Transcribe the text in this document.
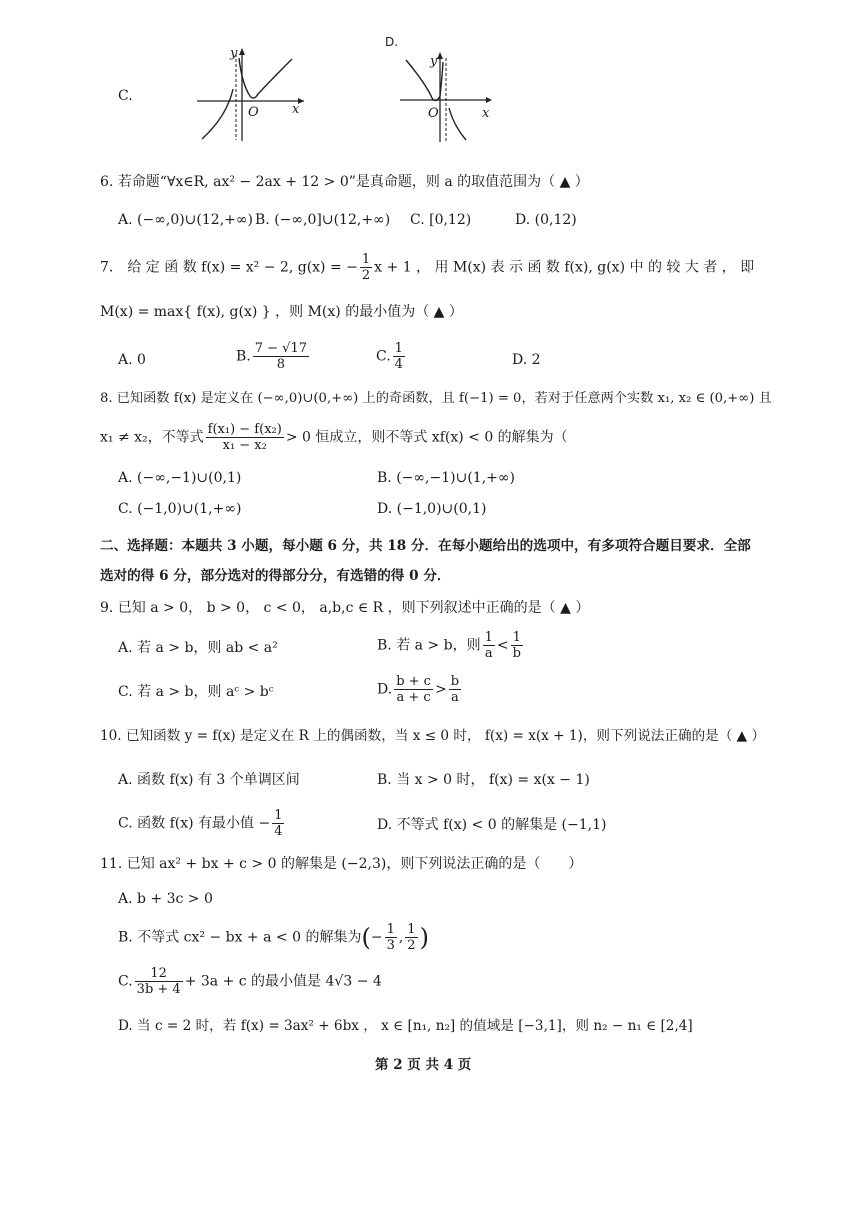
C.
y
x
O
D.
y
x
O
6. 若命题“∀x∈R, ax² − 2ax + 12 > 0”是真命题，则 a 的取值范围为（ ▲ ）
A. (−∞,0)∪(12,+∞) B. (−∞,0]∪(12,+∞) C. [0,12)	D. (0,12)
7． 给 定 函 数 f(x) = x² − 2, g(x) = − $\frac{1}{2}$ x + 1 ， 用 M(x) 表 示 函 数 f(x), g(x) 中 的 较 大 者 ， 即
M(x) = max{ f(x), g(x) } ，则 M(x) 的最小值为（ ▲ ）
A. 0	B. $\frac{7 - √17}{8}$	C. $\frac{1}{4}$	D. 2
8. 已知函数 f(x) 是定义在 (−∞,0)∪(0,+∞) 上的奇函数，且 f(−1) = 0，若对于任意两个实数 x₁, x₂ ∈ (0,+∞) 且
x₁ ≠ x₂，不等式 $\frac{\text{f(x₁) − f(x₂)}}{\text{x₁ − x₂}} > 0$ 恒成立，则不等式 xf(x) < 0 的解集为（
A. (−∞,−1)∪(0,1)	B. (−∞,−1)∪(1,+∞)
C. (−1,0)∪(1,+∞)	D. (−1,0)∪(0,1)
二、选择题：本题共 3 小题，每小题 6 分，共 18 分．在每小题给出的选项中，有多项符合题目要求．全部
选对的得 6 分，部分选对的得部分分，有选错的得 0 分．
9. 已知 a > 0， b > 0， c < 0， a,b,c ∈ R ，则下列叙述中正确的是（ ▲ ）
A. 若 a > b，则 ab < a²	B. 若 a > b，则 $\frac{1}{a} < \frac{1}{b}$
C. 若 a > b，则 aᶜ > bᶜ	D. $\frac{b + c}{a + c} > \frac{b}{a}$
10. 已知函数 y = f(x) 是定义在 R 上的偶函数，当 x ≤ 0 时， f(x) = x(x + 1)，则下列说法正确的是（ ▲ ）
A. 函数 f(x) 有 3 个单调区间	B. 当 x > 0 时， f(x) = x(x − 1)
C. 函数 f(x) 有最小值 − $\frac{1}{4}$	D. 不等式 f(x) < 0 的解集是 (−1,1)
11. 已知 ax² + bx + c > 0 的解集是 (−2,3)，则下列说法正确的是（　　）
A. b + 3c > 0
B. 不等式 cx² − bx + a < 0 的解集为(− $\frac{1}{3}$ , $\frac{1}{2}$ )
C. $\frac{12}{3b + 4} + 3a + c$ 的最小值是 4√3 − 4
D. 当 c = 2 时，若 f(x) = 3ax² + 6bx ， x ∈ [n₁, n₂] 的值域是 [−3,1]，则 n₂ − n₁ ∈ [2,4]
第 2 页 共 4 页
